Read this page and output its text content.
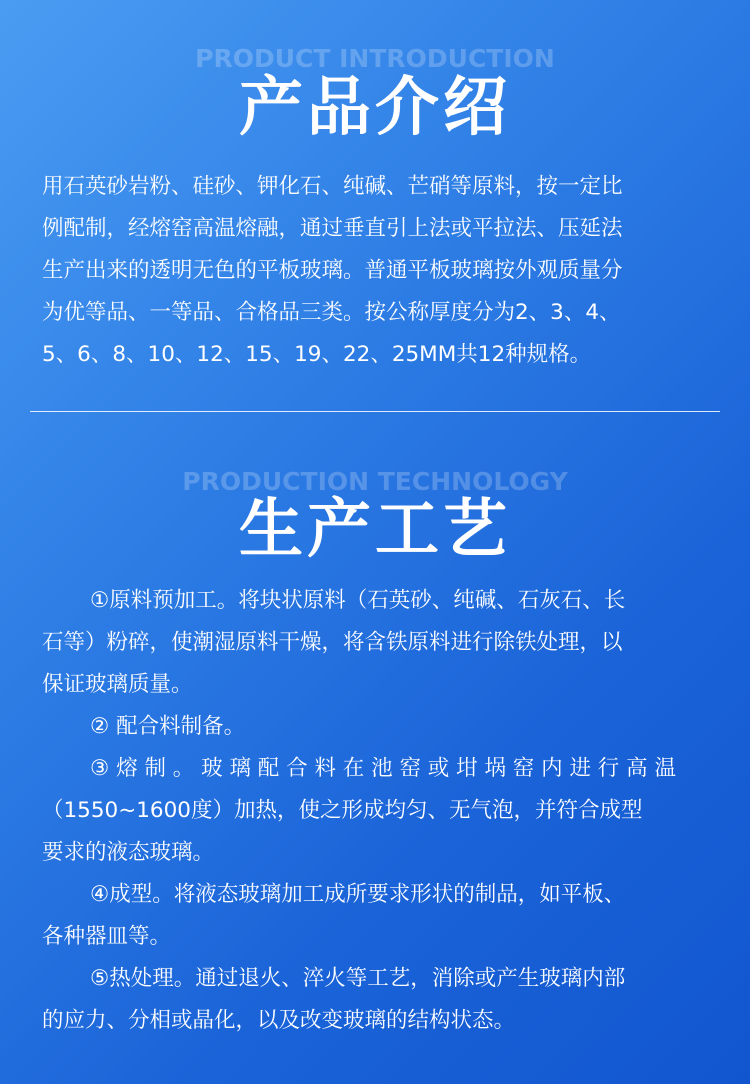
PRODUCT INTRODUCTION
产品介绍
用石英砂岩粉、硅砂、钾化石、纯碱、芒硝等原料，按一定比
例配制，经熔窑高温熔融，通过垂直引上法或平拉法、压延法
生产出来的透明无色的平板玻璃。普通平板玻璃按外观质量分
为优等品、一等品、合格品三类。按公称厚度分为2、3、4、
5、6、8、10、12、15、19、22、25MM共12种规格。
PRODUCTION TECHNOLOGY
生产工艺
①原料预加工。将块状原料（石英砂、纯碱、石灰石、长
石等）粉碎，使潮湿原料干燥，将含铁原料进行除铁处理，以
保证玻璃质量。
② 配合料制备。
③ 熔 制 。 玻 璃 配 合 料 在 池 窑 或 坩 埚 窑 内 进 行 高 温
（1550~1600度）加热，使之形成均匀、无气泡，并符合成型
要求的液态玻璃。
④成型。将液态玻璃加工成所要求形状的制品，如平板、
各种器皿等。
⑤热处理。通过退火、淬火等工艺，消除或产生玻璃内部
的应力、分相或晶化，以及改变玻璃的结构状态。
